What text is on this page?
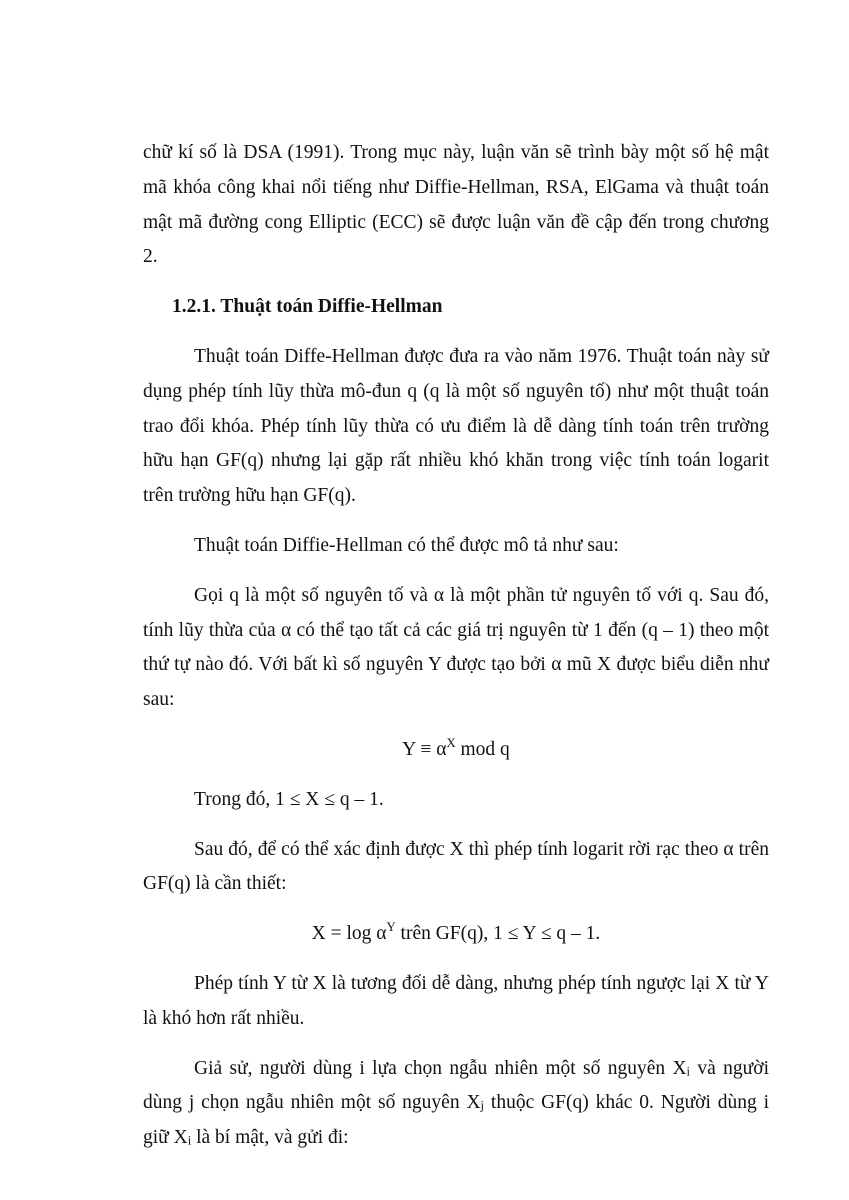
chữ kí số là DSA (1991). Trong mục này, luận văn sẽ trình bày một số hệ mật mã khóa công khai nổi tiếng như Diffie-Hellman, RSA, ElGama và thuật toán mật mã đường cong Elliptic (ECC) sẽ được luận văn đề cập đến trong chương 2.

1.2.1. Thuật toán Diffie-Hellman

Thuật toán Diffe-Hellman được đưa ra vào năm 1976. Thuật toán này sử dụng phép tính lũy thừa mô-đun q (q là một số nguyên tố) như một thuật toán trao đổi khóa. Phép tính lũy thừa có ưu điểm là dễ dàng tính toán trên trường hữu hạn GF(q) nhưng lại gặp rất nhiều khó khăn trong việc tính toán logarit trên trường hữu hạn GF(q).

Thuật toán Diffie-Hellman có thể được mô tả như sau:

Gọi q là một số nguyên tố và α là một phần tử nguyên tố với q. Sau đó, tính lũy thừa của α có thể tạo tất cả các giá trị nguyên từ 1 đến (q – 1) theo một thứ tự nào đó. Với bất kì số nguyên Y được tạo bởi α mũ X được biểu diễn như sau:

$Y \equiv \alpha^X$ mod q

Trong đó, 1 ≤ X ≤ q – 1.

Sau đó, để có thể xác định được X thì phép tính logarit rời rạc theo α trên GF(q) là cần thiết:

$X = \log \alpha^Y$ trên GF(q), 1 ≤ Y ≤ q – 1.

Phép tính Y từ X là tương đối dễ dàng, nhưng phép tính ngược lại X từ Y là khó hơn rất nhiều.

Giả sử, người dùng i lựa chọn ngẫu nhiên một số nguyên $X_i$ và người dùng j chọn ngẫu nhiên một số nguyên $X_j$ thuộc GF(q) khác 0. Người dùng i giữ $X_i$ là bí mật, và gửi đi:
